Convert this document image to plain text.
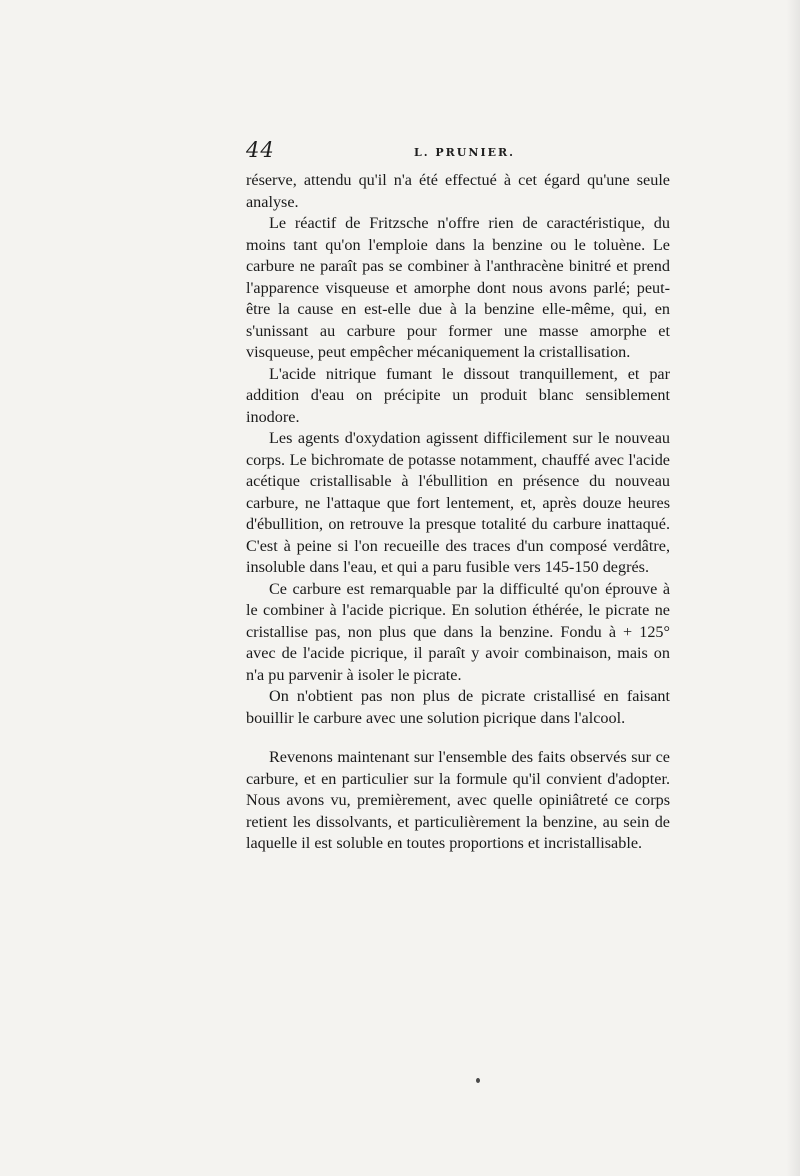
44	L. PRUNIER.

réserve, attendu qu'il n'a été effectué à cet égard qu'une seule analyse.

Le réactif de Fritzsche n'offre rien de caractéristique, du moins tant qu'on l'emploie dans la benzine ou le toluène. Le carbure ne paraît pas se combiner à l'anthracène binitré et prend l'apparence visqueuse et amorphe dont nous avons parlé; peut-être la cause en est-elle due à la benzine elle-même, qui, en s'unissant au carbure pour former une masse amorphe et visqueuse, peut empêcher mécaniquement la cristallisation.

L'acide nitrique fumant le dissout tranquillement, et par addition d'eau on précipite un produit blanc sensiblement inodore.

Les agents d'oxydation agissent difficilement sur le nouveau corps. Le bichromate de potasse notamment, chauffé avec l'acide acétique cristallisable à l'ébullition en présence du nouveau carbure, ne l'attaque que fort lentement, et, après douze heures d'ébullition, on retrouve la presque totalité du carbure inattaqué. C'est à peine si l'on recueille des traces d'un composé verdâtre, insoluble dans l'eau, et qui a paru fusible vers 145-150 degrés.

Ce carbure est remarquable par la difficulté qu'on éprouve à le combiner à l'acide picrique. En solution éthérée, le picrate ne cristallise pas, non plus que dans la benzine. Fondu à + 125° avec de l'acide picrique, il paraît y avoir combinaison, mais on n'a pu parvenir à isoler le picrate.

On n'obtient pas non plus de picrate cristallisé en faisant bouillir le carbure avec une solution picrique dans l'alcool.

Revenons maintenant sur l'ensemble des faits observés sur ce carbure, et en particulier sur la formule qu'il convient d'adopter. Nous avons vu, premièrement, avec quelle opiniâtreté ce corps retient les dissolvants, et particulièrement la benzine, au sein de laquelle il est soluble en toutes proportions et incristallisable.
